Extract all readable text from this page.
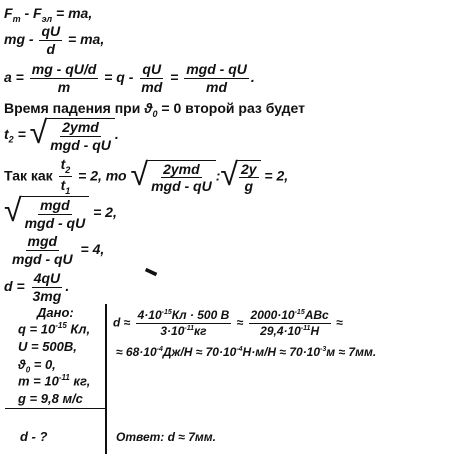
$F_т - F_{эл}$ = ma,
mg - $\frac{qU}{d}$ = ma,
$a = \frac{mg - qU/d}{m} = q - \frac{qU}{md} = \frac{\text{mgd - qU}}{md}$ .
Время падения при $ϑ_0 = 0$ второй раз будет
$t_2$ = √ $\frac{\text{2ymd}}{\text{mgd - qU}}$ .
Так как $\frac{t_2}{t_1} = 2$, то √ $\frac{\text{2ymd}}{\text{mgd - qU}}$ : √ $\frac{2y}{g} = 2$,
√ $\frac{\text{mgd}}{\text{mgd - qU}} = 2$,
$\frac{\text{mgd}}{\text{mgd - qU}} = 4$,
▬
$d = \frac{4qU}{3mg}$ .
Дано:
$q = 10^{-15}$ Кл,
U = 500В,
$ϑ_0 = 0$,
$m = 10^{-11}$ кг,
g = 9,8 м/с
d - ?
$d \approx \frac{4\cdot 10^{-15}Кл \cdot 500 В}{3\cdot 10^{-11}кг} \approx \frac{2000\cdot 10^{-15}АВс}{29,4\cdot 10^{-11}Н}$ ≈
≈ $68\cdot 10^{-4}Дж/Н \approx 70\cdot 10^{-4}Н\cdot м/Н \approx 70\cdot 10^{-3}м \approx 7мм$.
Ответ: d ≈ 7мм.
